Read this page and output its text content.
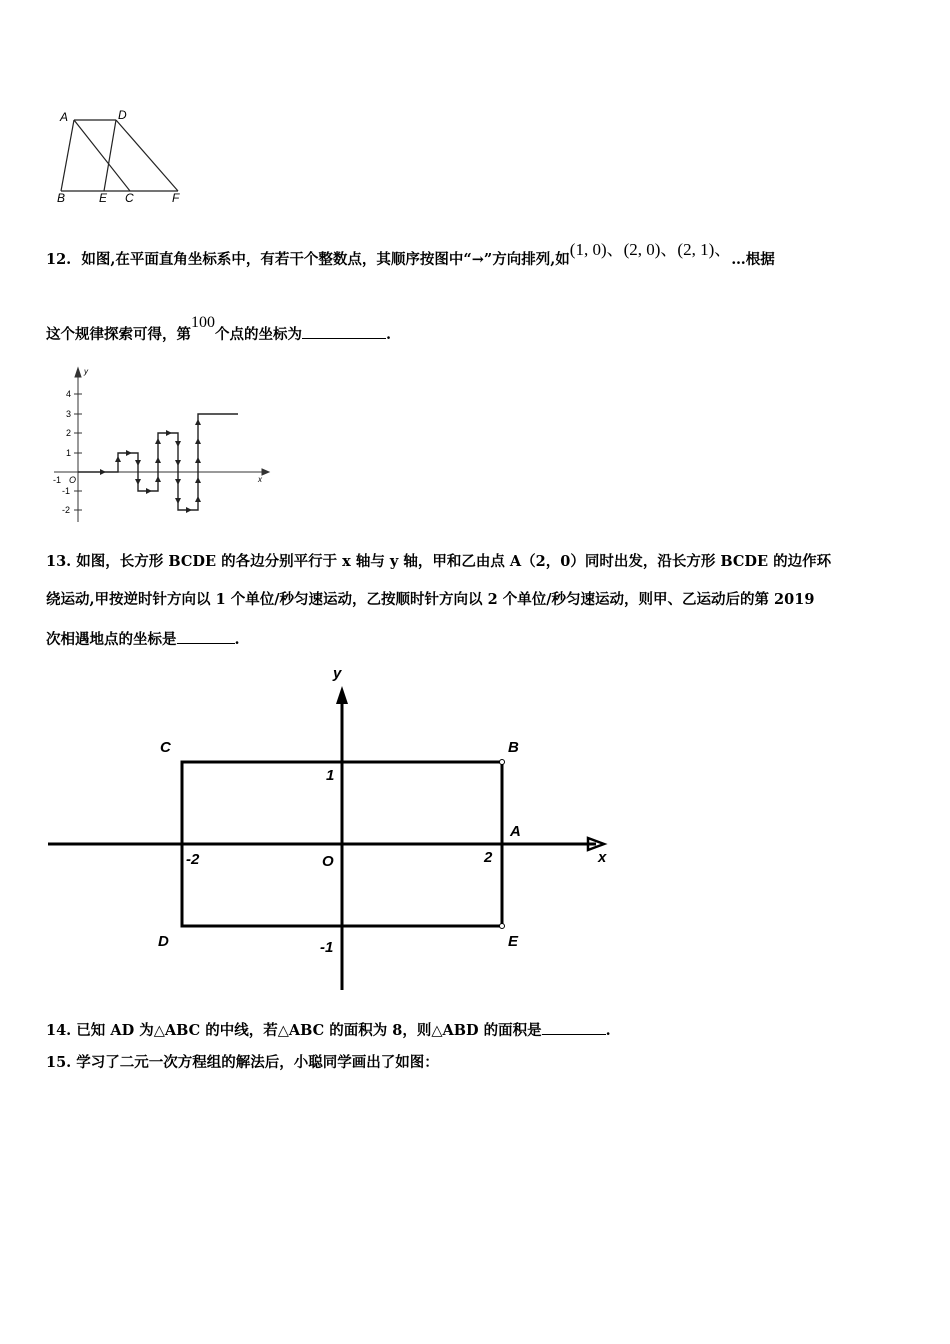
A	D
B	E C	F
12. 如图,在平面直角坐标系中，有若干个整数点，其顺序按图中“→”方向排列,如(1, 0)、(2, 0)、(2, 1)、…根据
这个规律探索可得，第100个点的坐标为	.
y
x
4
3
2
1
-1
-2
-1 O
13. 如图，长方形 BCDE 的各边分别平行于 x 轴与 y 轴，甲和乙由点 A（2，0）同时出发，沿长方形 BCDE 的边作环
绕运动,甲按逆时针方向以 1 个单位/秒匀速运动，乙按顺时针方向以 2 个单位/秒匀速运动，则甲、乙运动后的第 2019
次相遇地点的坐标是	.
y
x
C	B
A
D	E
O
1
-1
2
-2
14. 已知 AD 为△ABC 的中线，若△ABC 的面积为 8，则△ABD 的面积是	.
15. 学习了二元一次方程组的解法后，小聪同学画出了如图：
